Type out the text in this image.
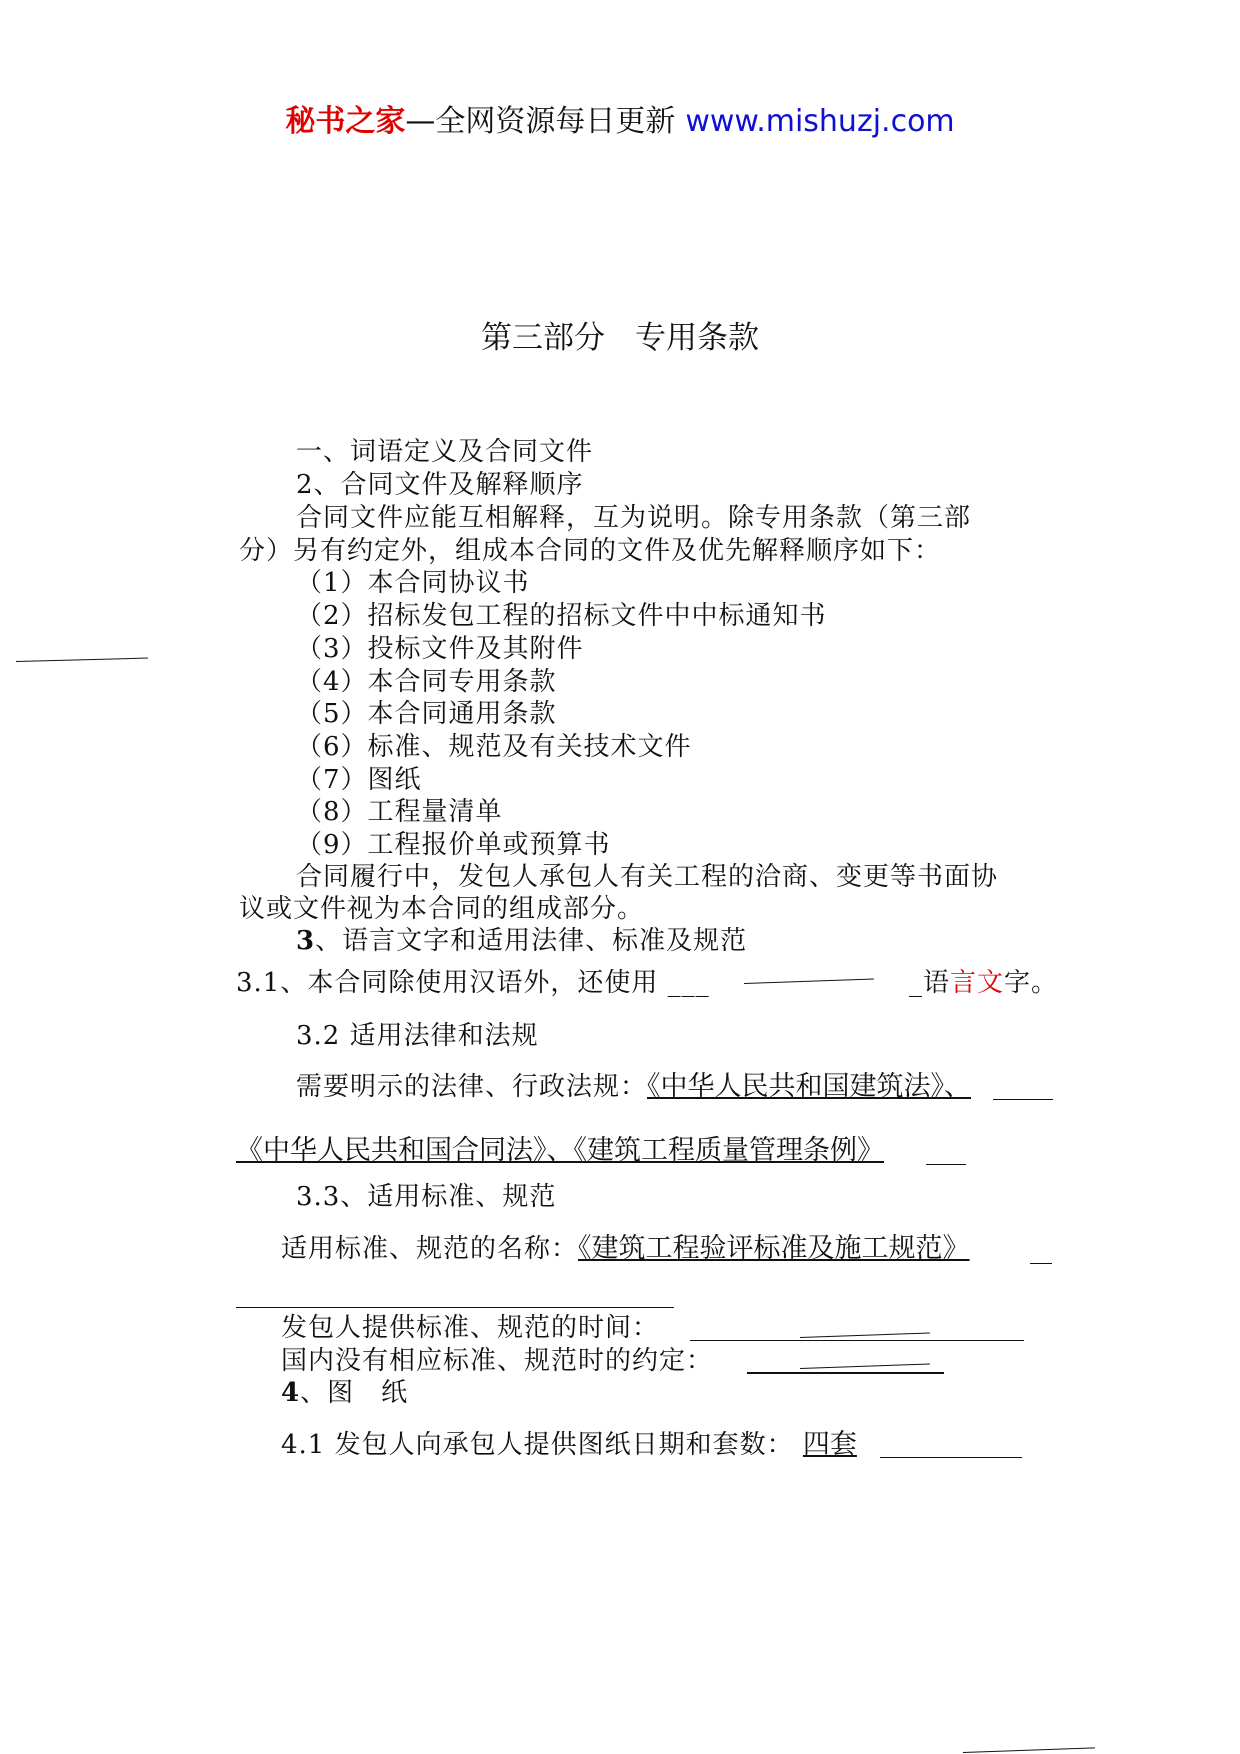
秘书之家—全网资源每日更新 www.mishuzj.com
第三部分 专用条款
一、词语定义及合同文件
2、合同文件及解释顺序
合同文件应能互相解释，互为说明。除专用条款（第三部
分）另有约定外，组成本合同的文件及优先解释顺序如下：
（1）本合同协议书
（2）招标发包工程的招标文件中中标通知书
（3）投标文件及其附件
（4）本合同专用条款
（5）本合同通用条款
（6）标准、规范及有关技术文件
（7）图纸
（8）工程量清单
（9）工程报价单或预算书
合同履行中，发包人承包人有关工程的洽商、变更等书面协
议或文件视为本合同的组成部分。
3、语言文字和适用法律、标准及规范
3.1、本合同除使用汉语外，还使用 ___	_语言文字。
3.2 适用法律和法规
需要明示的法律、行政法规：《中华人民共和国建筑法》、
《中华人民共和国合同法》、《建筑工程质量管理条例》
3.3、适用标准、规范
适用标准、规范的名称：《建筑工程验评标准及施工规范》
发包人提供标准、规范的时间：
国内没有相应标准、规范时的约定：
4、图　纸
4.1 发包人向承包人提供图纸日期和套数： 四套
